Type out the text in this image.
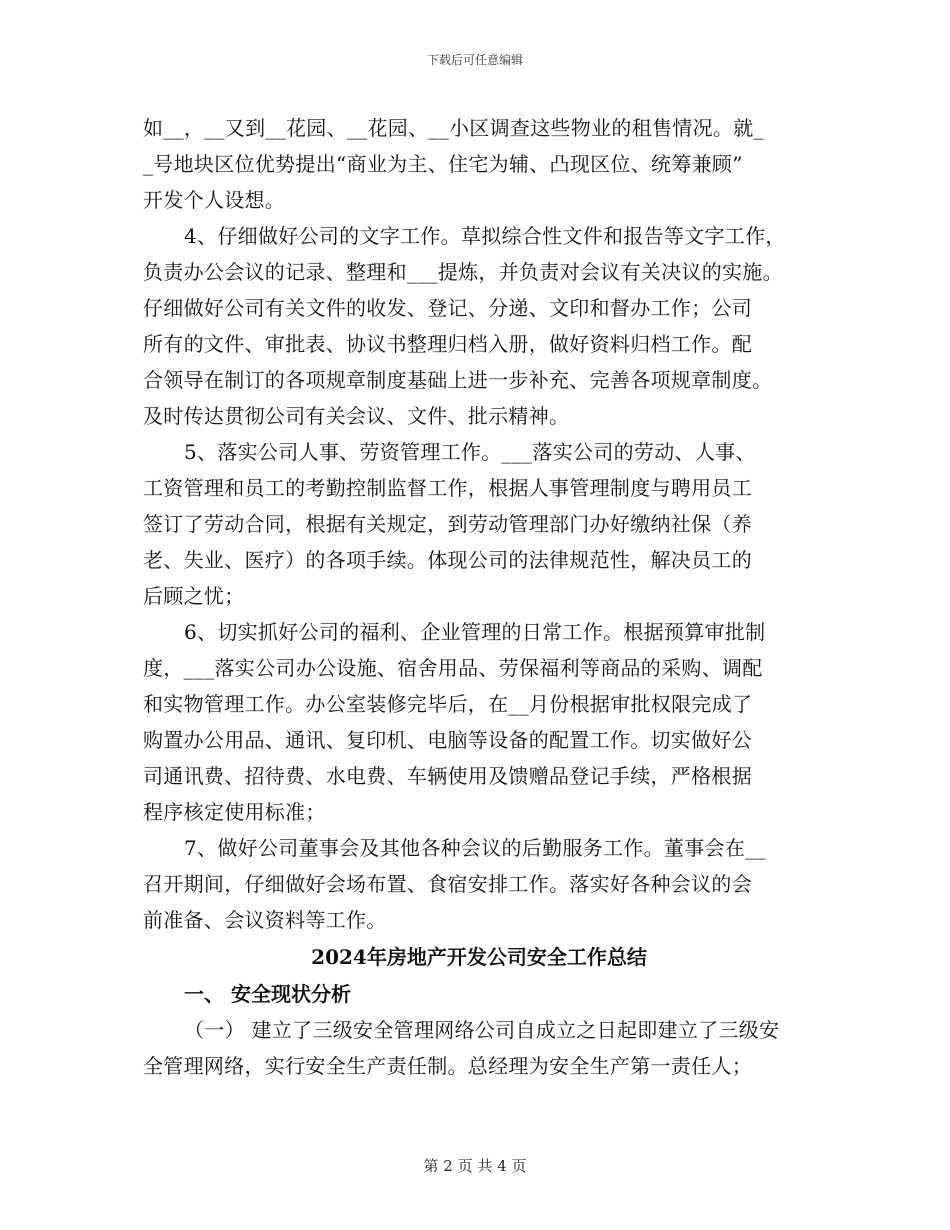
下载后可任意编辑
如__，__又到__花园、__花园、__小区调查这些物业的租售情况。就_
_号地块区位优势提出“商业为主、住宅为辅、凸现区位、统筹兼顾”
开发个人设想。
4、仔细做好公司的文字工作。草拟综合性文件和报告等文字工作，
负责办公会议的记录、整理和___提炼，并负责对会议有关决议的实施。
仔细做好公司有关文件的收发、登记、分递、文印和督办工作；公司
所有的文件、审批表、协议书整理归档入册，做好资料归档工作。配
合领导在制订的各项规章制度基础上进一步补充、完善各项规章制度。
及时传达贯彻公司有关会议、文件、批示精神。
5、落实公司人事、劳资管理工作。___落实公司的劳动、人事、
工资管理和员工的考勤控制监督工作，根据人事管理制度与聘用员工
签订了劳动合同，根据有关规定，到劳动管理部门办好缴纳社保（养
老、失业、医疗）的各项手续。体现公司的法律规范性，解决员工的
后顾之忧；
6、切实抓好公司的福利、企业管理的日常工作。根据预算审批制
度，___落实公司办公设施、宿舍用品、劳保福利等商品的采购、调配
和实物管理工作。办公室装修完毕后，在__月份根据审批权限完成了
购置办公用品、通讯、复印机、电脑等设备的配置工作。切实做好公
司通讯费、招待费、水电费、车辆使用及馈赠品登记手续，严格根据
程序核定使用标准；
7、做好公司董事会及其他各种会议的后勤服务工作。董事会在__
召开期间，仔细做好会场布置、食宿安排工作。落实好各种会议的会
前准备、会议资料等工作。
2024年房地产开发公司安全工作总结
一、 安全现状分析
（一） 建立了三级安全管理网络公司自成立之日起即建立了三级安
全管理网络，实行安全生产责任制。总经理为安全生产第一责任人；
第 2 页 共 4 页
